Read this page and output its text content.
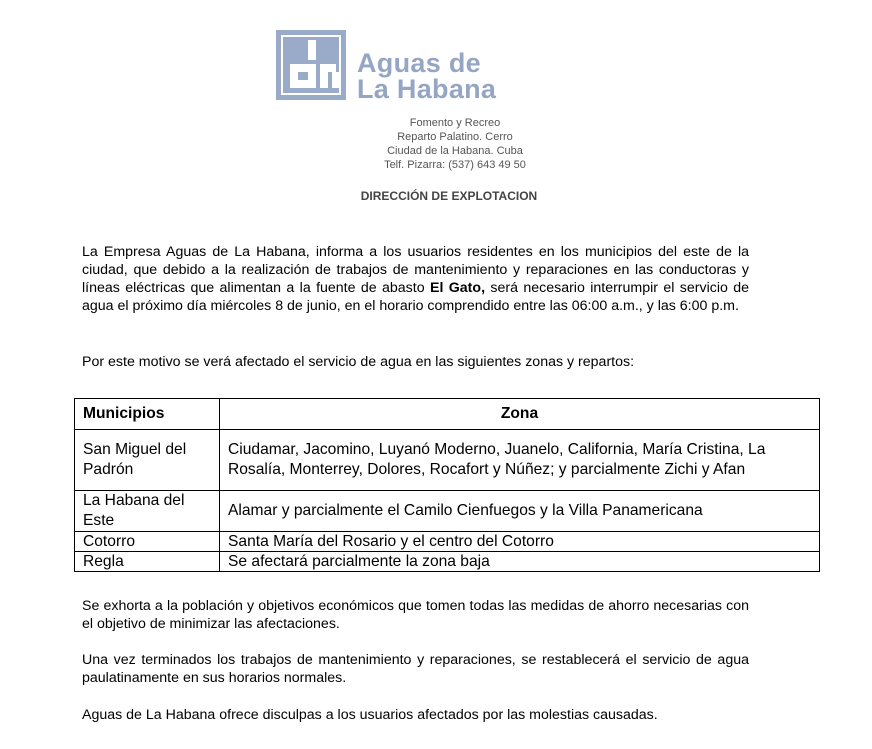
Aguas de
La Habana
Fomento y Recreo
Reparto Palatino. Cerro
Ciudad de la Habana. Cuba
Telf. Pizarra: (537) 643 49 50
DIRECCIÓN DE EXPLOTACION
La Empresa Aguas de La Habana, informa a los usuarios residentes en los municipios del este de la ciudad, que debido a la realización de trabajos de mantenimiento y reparaciones en las conductoras y líneas eléctricas que alimentan a la fuente de abasto El Gato, será necesario interrumpir el servicio de agua el próximo día miércoles 8 de junio, en el horario comprendido entre las 06:00 a.m., y las 6:00 p.m.
Por este motivo se verá afectado el servicio de agua en las siguientes zonas y repartos:
Municipios	Zona
San Miguel del Padrón	Ciudamar, Jacomino, Luyanó Moderno, Juanelo, California, María Cristina, La Rosalía, Monterrey, Dolores, Rocafort y Núñez; y parcialmente Zichi y Afan
La Habana del Este	Alamar y parcialmente el Camilo Cienfuegos y la Villa Panamericana
Cotorro	Santa María del Rosario y el centro del Cotorro
Regla	Se afectará parcialmente la zona baja
Se exhorta a la población y objetivos económicos que tomen todas las medidas de ahorro necesarias con el objetivo de minimizar las afectaciones.
Una vez terminados los trabajos de mantenimiento y reparaciones, se restablecerá el servicio de agua paulatinamente en sus horarios normales.
Aguas de La Habana ofrece disculpas a los usuarios afectados por las molestias causadas.
